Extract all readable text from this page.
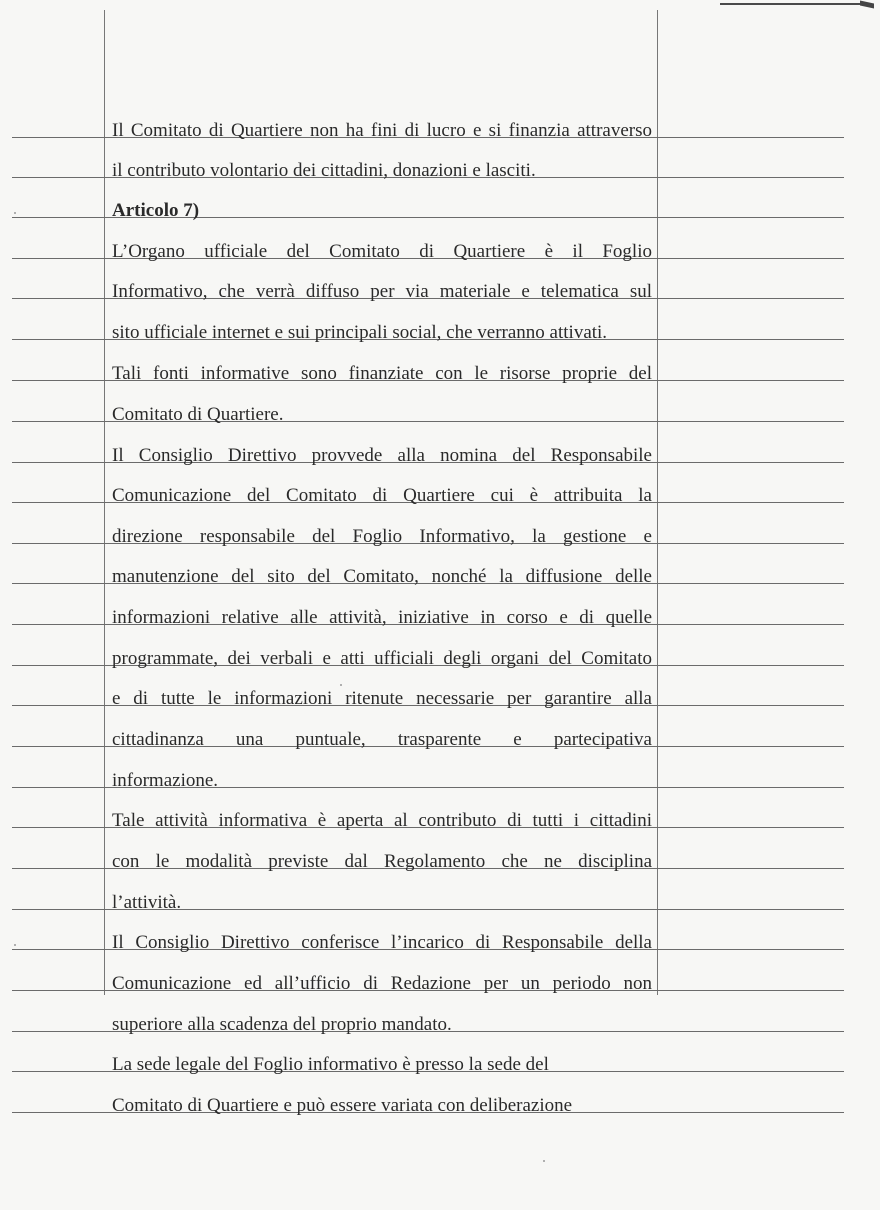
Il Comitato di Quartiere non ha fini di lucro e si finanzia attraverso
il contributo volontario dei cittadini, donazioni e lasciti.
Articolo 7)
L’Organo ufficiale del Comitato di Quartiere è il Foglio
Informativo, che verrà diffuso per via materiale e telematica sul
sito ufficiale internet e sui principali social, che verranno attivati.
Tali fonti informative sono finanziate con le risorse proprie del
Comitato di Quartiere.
Il Consiglio Direttivo provvede alla nomina del Responsabile
Comunicazione del Comitato di Quartiere cui è attribuita la
direzione responsabile del Foglio Informativo, la gestione e
manutenzione del sito del Comitato, nonché la diffusione delle
informazioni relative alle attività, iniziative in corso e di quelle
programmate, dei verbali e atti ufficiali degli organi del Comitato
e di tutte le informazioni ritenute necessarie per garantire alla
cittadinanza una puntuale, trasparente e partecipativa
informazione.
Tale attività informativa è aperta al contributo di tutti i cittadini
con le modalità previste dal Regolamento che ne disciplina
l’attività.
Il Consiglio Direttivo conferisce l’incarico di Responsabile della
Comunicazione ed all’ufficio di Redazione per un periodo non
superiore alla scadenza del proprio mandato.
La sede legale del Foglio informativo è presso la sede del
Comitato di Quartiere e può essere variata con deliberazione
